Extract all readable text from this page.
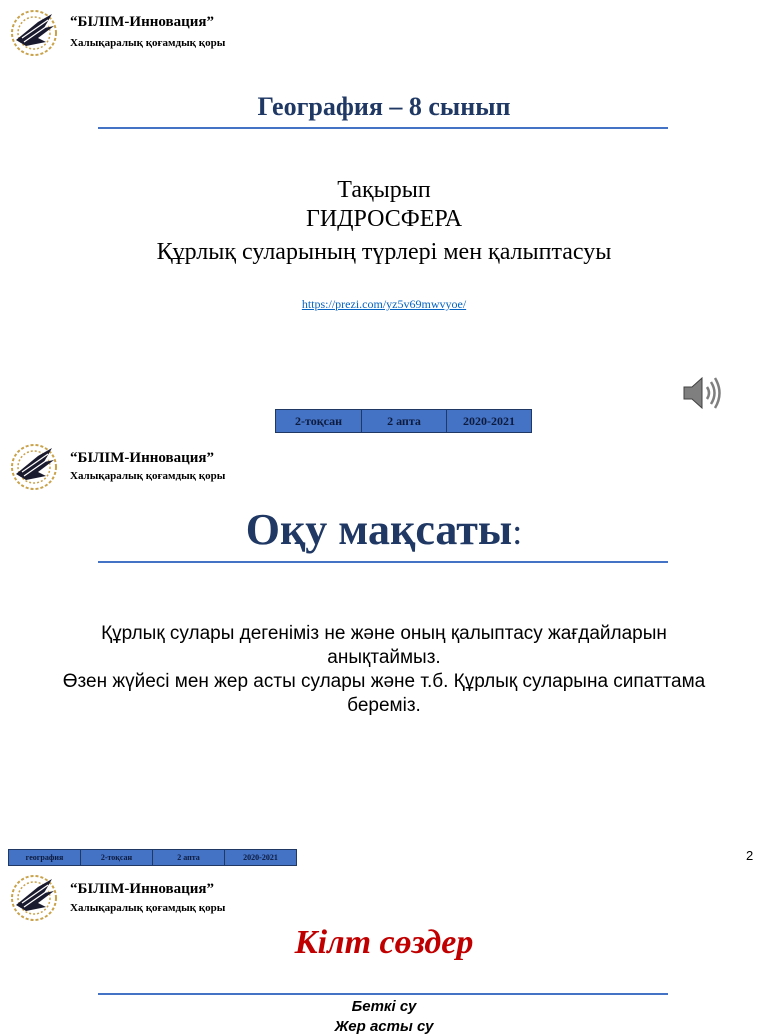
“БІЛІМ-Инновация”
Халықаралық қоғамдық қоры
География – 8 сынып
Тақырып
ГИДРОСФЕРА
Құрлық суларының түрлері мен қалыптасуы
https://prezi.com/yz5v69mwvyoe/
2-тоқсан	2 апта	2020-2021
“БІЛІМ-Инновация”
Халықаралық қоғамдық қоры
Оқу мақсаты:

Құрлық сулары дегеніміз не және оның қалыптасу жағдайларын анықтаймыз.

Өзен жүйесі мен жер асты сулары және т.б. Құрлық суларына сипаттама береміз.

география	2-тоқсан	2 апта	2020-2021	2
“БІЛІМ-Инновация”
Халықаралық қоғамдық қоры
Кілт сөздер
Беткі су
Жер асты су
